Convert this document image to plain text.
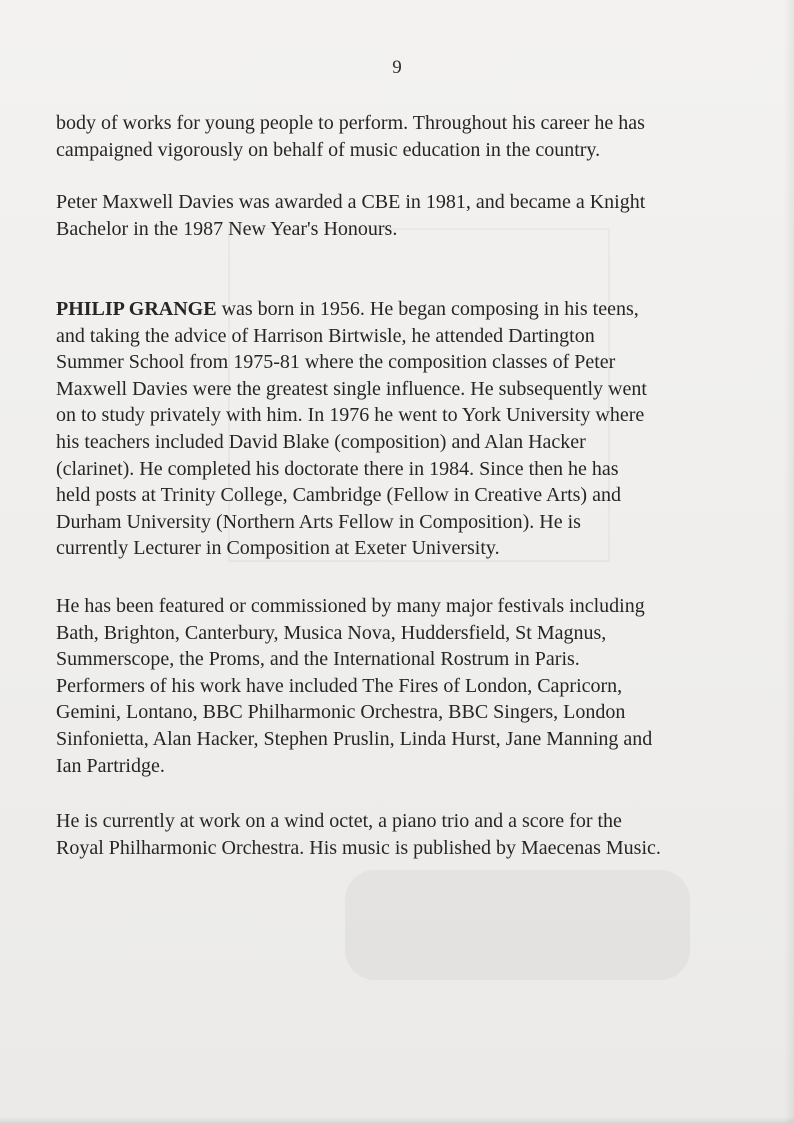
9

body of works for young people to perform. Throughout his career he has
campaigned vigorously on behalf of music education in the country.

Peter Maxwell Davies was awarded a CBE in 1981, and became a Knight
Bachelor in the 1987 New Year's Honours.

PHILIP GRANGE was born in 1956. He began composing in his teens,
and taking the advice of Harrison Birtwisle, he attended Dartington
Summer School from 1975-81 where the composition classes of Peter
Maxwell Davies were the greatest single influence. He subsequently went
on to study privately with him. In 1976 he went to York University where
his teachers included David Blake (composition) and Alan Hacker
(clarinet). He completed his doctorate there in 1984. Since then he has
held posts at Trinity College, Cambridge (Fellow in Creative Arts) and
Durham University (Northern Arts Fellow in Composition). He is
currently Lecturer in Composition at Exeter University.

He has been featured or commissioned by many major festivals including
Bath, Brighton, Canterbury, Musica Nova, Huddersfield, St Magnus,
Summerscope, the Proms, and the International Rostrum in Paris.
Performers of his work have included The Fires of London, Capricorn,
Gemini, Lontano, BBC Philharmonic Orchestra, BBC Singers, London
Sinfonietta, Alan Hacker, Stephen Pruslin, Linda Hurst, Jane Manning and
Ian Partridge.

He is currently at work on a wind octet, a piano trio and a score for the
Royal Philharmonic Orchestra. His music is published by Maecenas Music.
